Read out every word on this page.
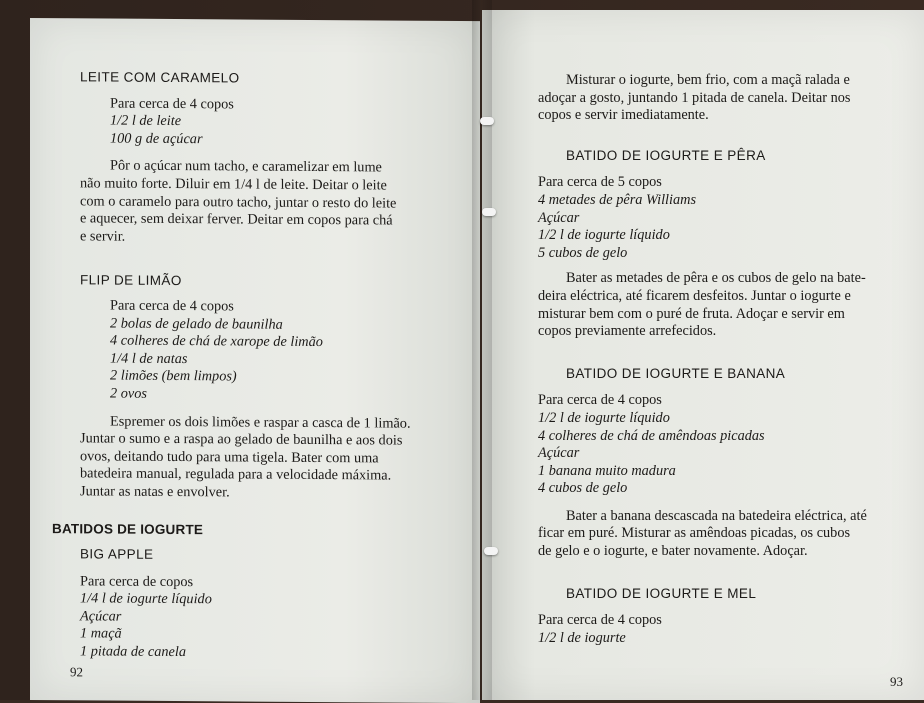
LEITE COM CARAMELO

Para cerca de 4 copos
1/2 l de leite
100 g de açúcar
Pôr o açúcar num tacho, e caramelizar em lume
não muito forte. Diluir em 1/4 l de leite. Deitar o leite
com o caramelo para outro tacho, juntar o resto do leite
e aquecer, sem deixar ferver. Deitar em copos para chá
e servir.

FLIP DE LIMÃO

Para cerca de 4 copos
2 bolas de gelado de baunilha
4 colheres de chá de xarope de limão
1/4 l de natas
2 limões (bem limpos)
2 ovos
Espremer os dois limões e raspar a casca de 1 limão.
Juntar o sumo e a raspa ao gelado de baunilha e aos dois
ovos, deitando tudo para uma tigela. Bater com uma
batedeira manual, regulada para a velocidade máxima.
Juntar as natas e envolver.

BATIDOS DE IOGURTE

BIG APPLE

Para cerca de copos
1/4 l de iogurte líquido
Açúcar
1 maçã
1 pitada de canela
92
Misturar o iogurte, bem frio, com a maçã ralada e
adoçar a gosto, juntando 1 pitada de canela. Deitar nos
copos e servir imediatamente.

BATIDO DE IOGURTE E PÊRA

Para cerca de 5 copos
4 metades de pêra Williams
Açúcar
1/2 l de iogurte líquido
5 cubos de gelo
Bater as metades de pêra e os cubos de gelo na bate-
deira eléctrica, até ficarem desfeitos. Juntar o iogurte e
misturar bem com o puré de fruta. Adoçar e servir em
copos previamente arrefecidos.

BATIDO DE IOGURTE E BANANA

Para cerca de 4 copos
1/2 l de iogurte líquido
4 colheres de chá de amêndoas picadas
Açúcar
1 banana muito madura
4 cubos de gelo
Bater a banana descascada na batedeira eléctrica, até
ficar em puré. Misturar as amêndoas picadas, os cubos
de gelo e o iogurte, e bater novamente. Adoçar.

BATIDO DE IOGURTE E MEL

Para cerca de 4 copos
1/2 l de iogurte
93
